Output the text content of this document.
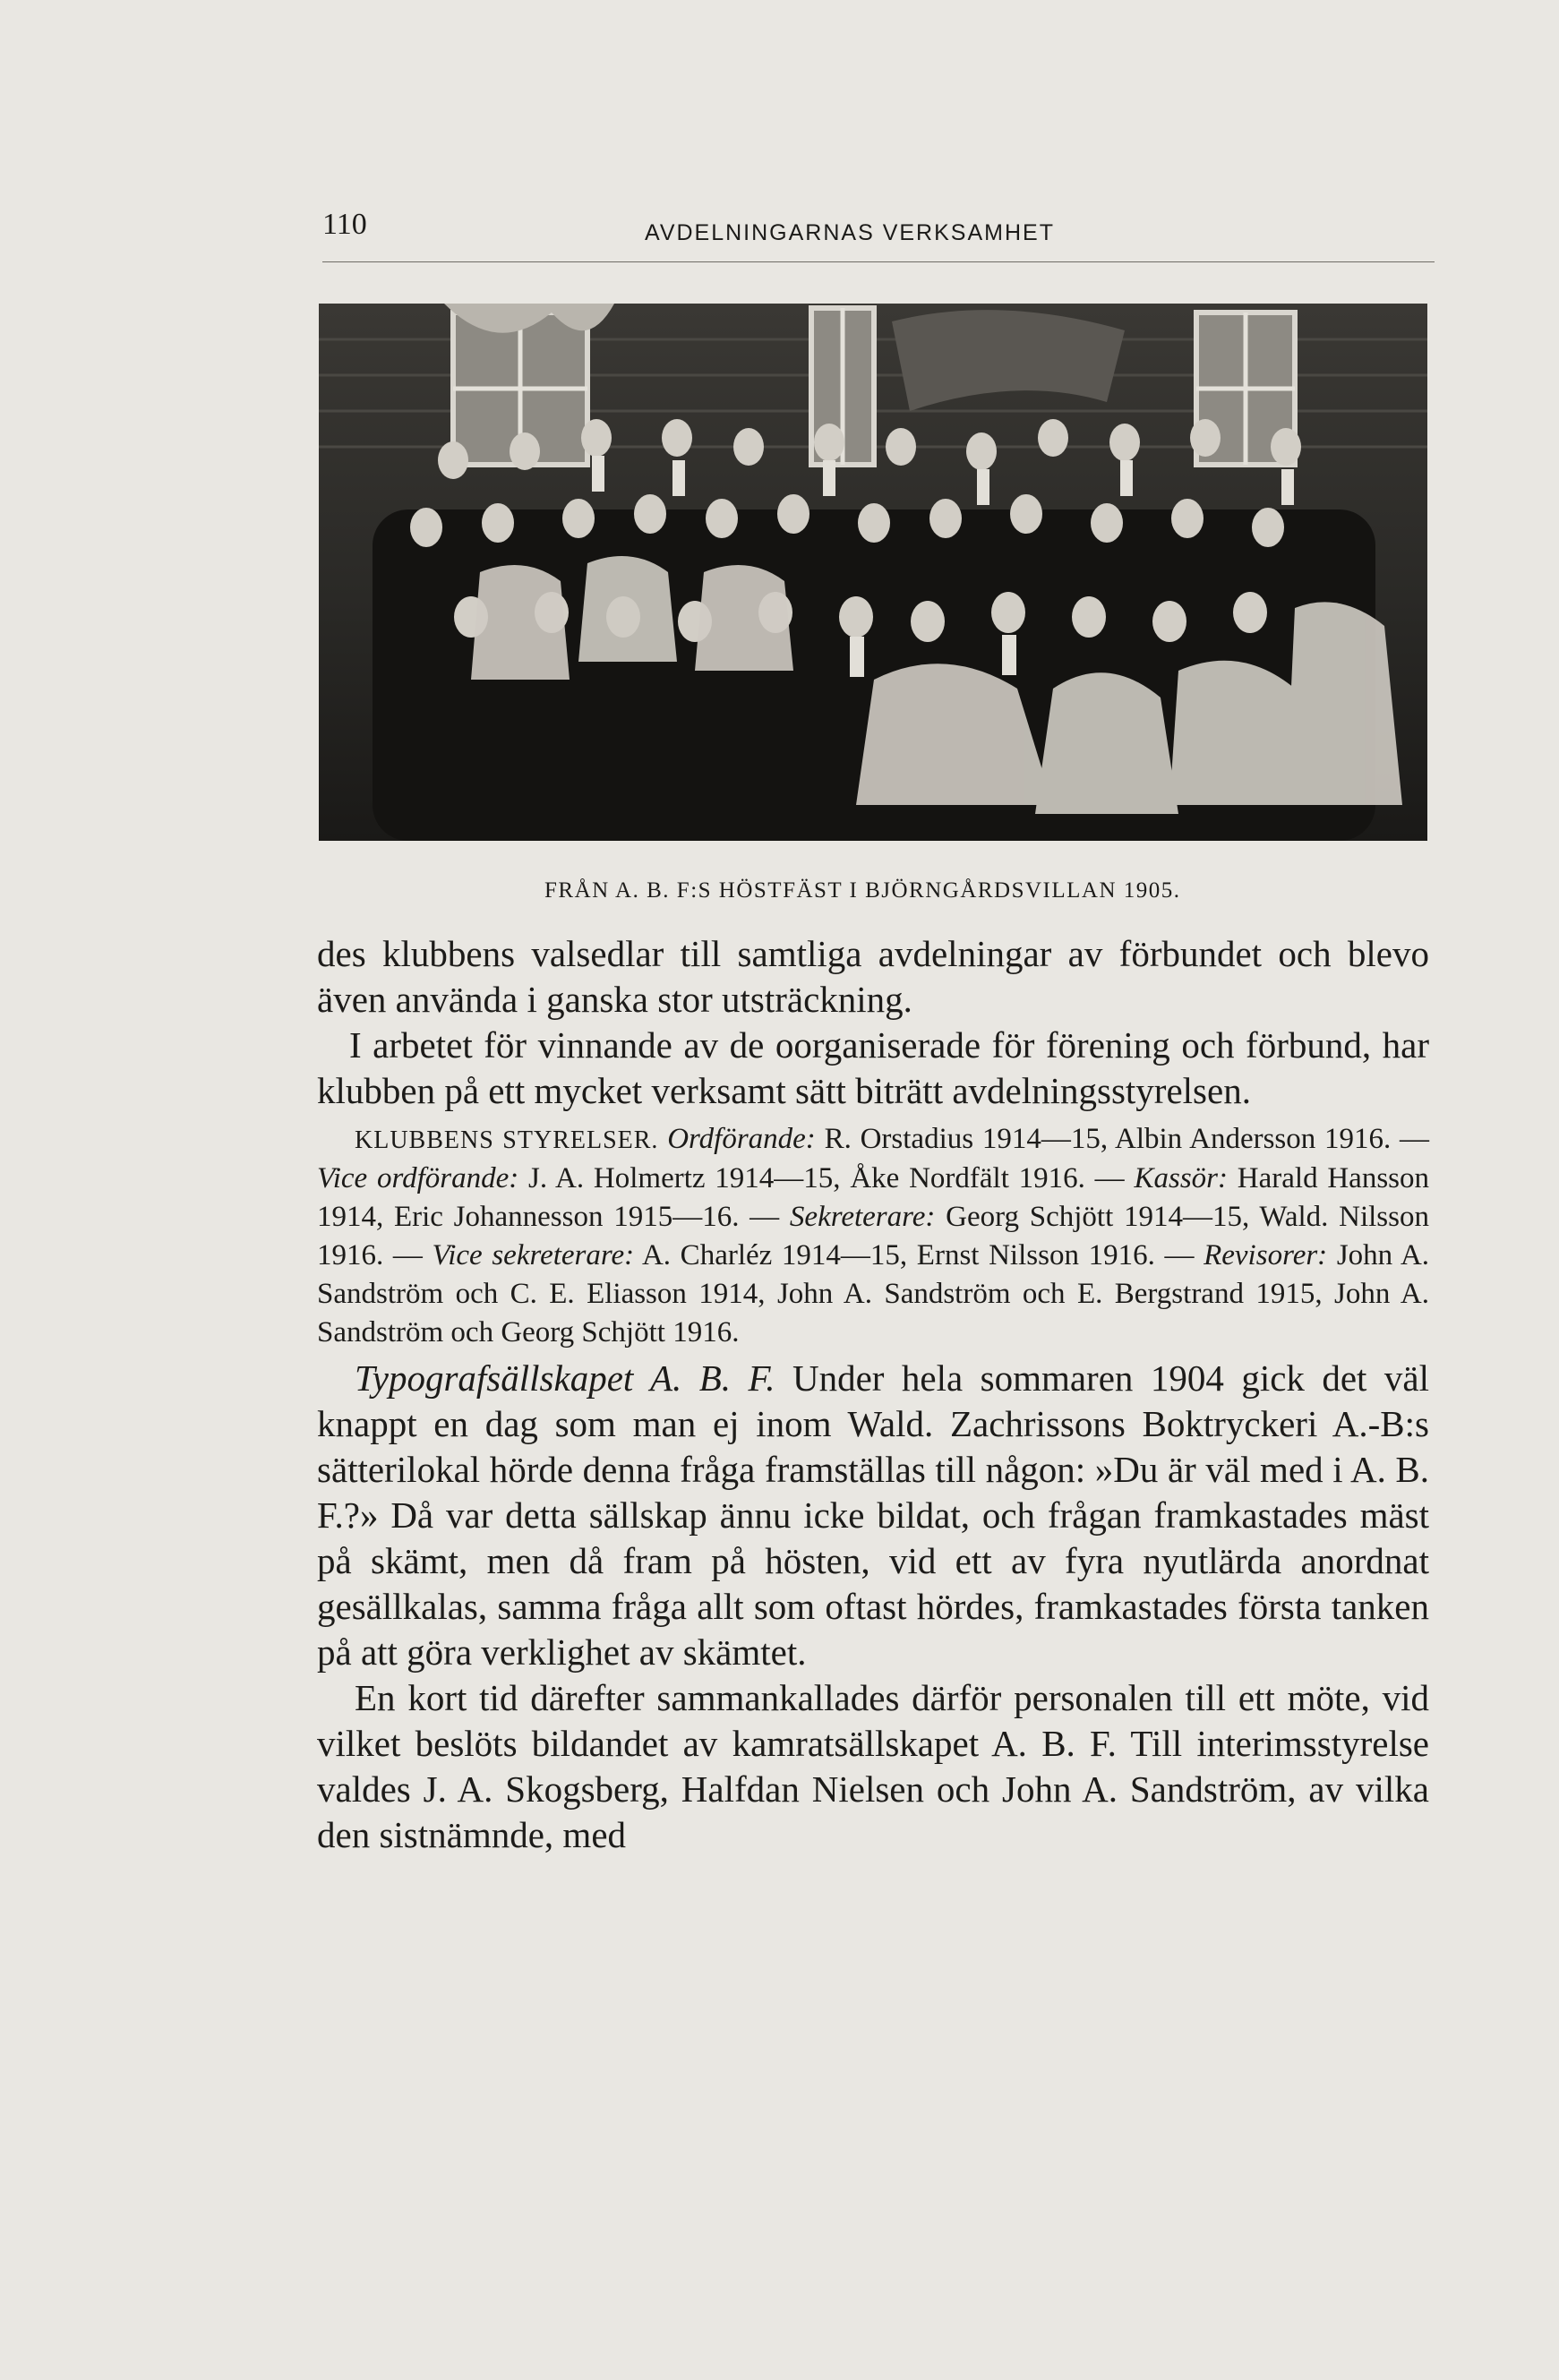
110	AVDELNINGARNAS VERKSAMHET
FRÅN A. B. F:S HÖSTFÄST I BJÖRNGÅRDSVILLAN 1905.

des klubbens valsedlar till samtliga avdelningar av förbundet och blevo även använda i ganska stor utsträckning.

I arbetet för vinnande av de oorganiserade för förening och förbund, har klubben på ett mycket verksamt sätt biträtt avdelningsstyrelsen.

KLUBBENS STYRELSER. Ordförande: R. Orstadius 1914—15, Albin Andersson 1916. — Vice ordförande: J. A. Holmertz 1914—15, Åke Nordfält 1916. — Kassör: Harald Hansson 1914, Eric Johannesson 1915—16. — Sekreterare: Georg Schjött 1914—15, Wald. Nilsson 1916. — Vice sekreterare: A. Charléz 1914—15, Ernst Nilsson 1916. — Revisorer: John A. Sandström och C. E. Eliasson 1914, John A. Sandström och E. Bergstrand 1915, John A. Sandström och Georg Schjött 1916.

Typografsällskapet A. B. F. Under hela sommaren 1904 gick det väl knappt en dag som man ej inom Wald. Zachrissons Boktryckeri A.-B:s sätterilokal hörde denna fråga framställas till någon: »Du är väl med i A. B. F.?» Då var detta sällskap ännu icke bildat, och frågan framkastades mäst på skämt, men då fram på hösten, vid ett av fyra nyutlärda anordnat gesällkalas, samma fråga allt som oftast hördes, framkastades första tanken på att göra verklighet av skämtet.

En kort tid därefter sammankallades därför personalen till ett möte, vid vilket beslöts bildandet av kamratsällskapet A. B. F. Till interimsstyrelse valdes J. A. Skogsberg, Halfdan Nielsen och John A. Sandström, av vilka den sistnämnde, med
